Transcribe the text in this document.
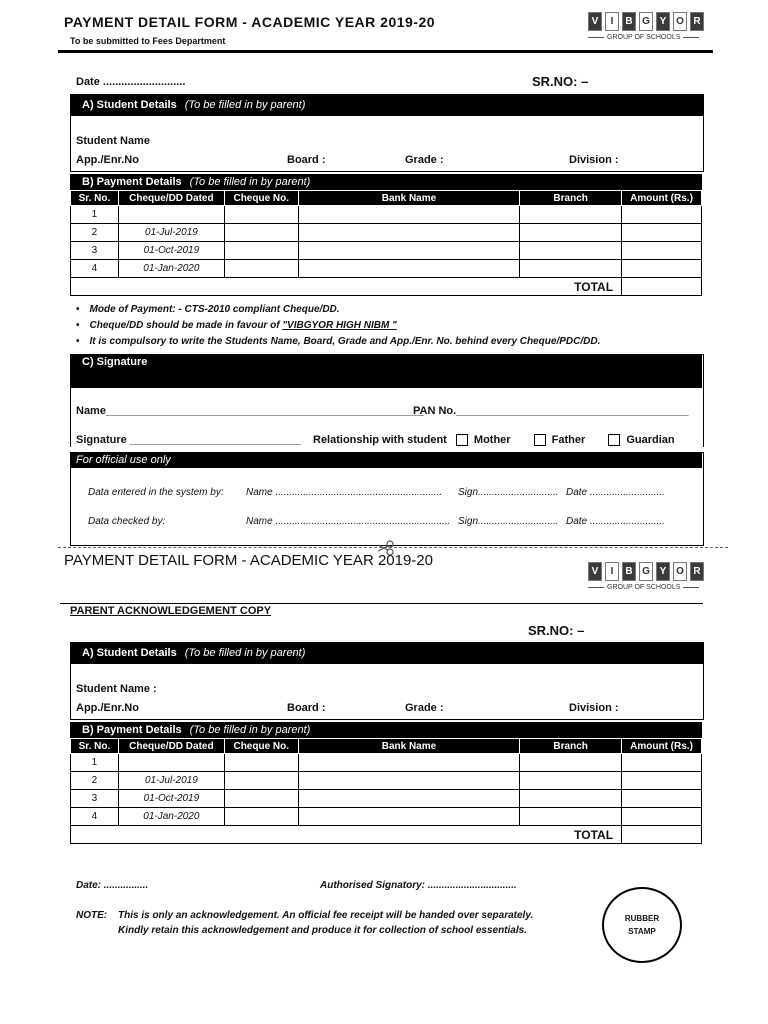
PAYMENT DETAIL FORM - ACADEMIC YEAR 2019-20
To be submitted to Fees Department
V	I	B G Y O R
GROUP OF SCHOOLS
Date ...........................	SR.NO: –
A) Student Details (To be filled in by parent)
Student Name
App./Enr.No	Board :	Grade :	Division :
B) Payment Details (To be filled in by parent)
Sr. No.	Cheque/DD Dated	Cheque No.	Bank Name	Branch	Amount (Rs.)
1					
2	01-Jul-2019				
3	01-Oct-2019				
4	01-Jan-2020				
TOTAL					
• Mode of Payment: - CTS-2010 compliant Cheque/DD.
• Cheque/DD should be made in favour of "VIBGYOR HIGH NIBM "
• It is compulsory to write the Students Name, Board, Grade and App./Enr. No. behind every Cheque/PDC/DD.
C) Signature
Name____________________________________________________
PAN No.______________________________________
Signature ____________________________ Relationship with student Mother	Father	Guardian
For official use only
Data entered in the system by: Name ............................................................ Sign............................. Date ...........................
Data checked by:	Name ............................................................... Sign............................. Date ...........................
PAYMENT DETAIL FORM - ACADEMIC YEAR 2019-20
V	I	B G Y O R
GROUP OF SCHOOLS
PARENT ACKNOWLEDGEMENT COPY
SR.NO: –
A) Student Details (To be filled in by parent)
Student Name :
App./Enr.No	Board :	Grade :	Division :
B) Payment Details (To be filled in by parent)
Sr. No.	Cheque/DD Dated	Cheque No.	Bank Name	Branch	Amount (Rs.)
1					
2	01-Jul-2019				
3	01-Oct-2019				
4	01-Jan-2020				
TOTAL					
Date: ................	Authorised Signatory: ................................
NOTE: This is only an acknowledgement. An official fee receipt will be handed over separately.
Kindly retain this acknowledgement and produce it for collection of school essentials.
RUBBER STAMP
